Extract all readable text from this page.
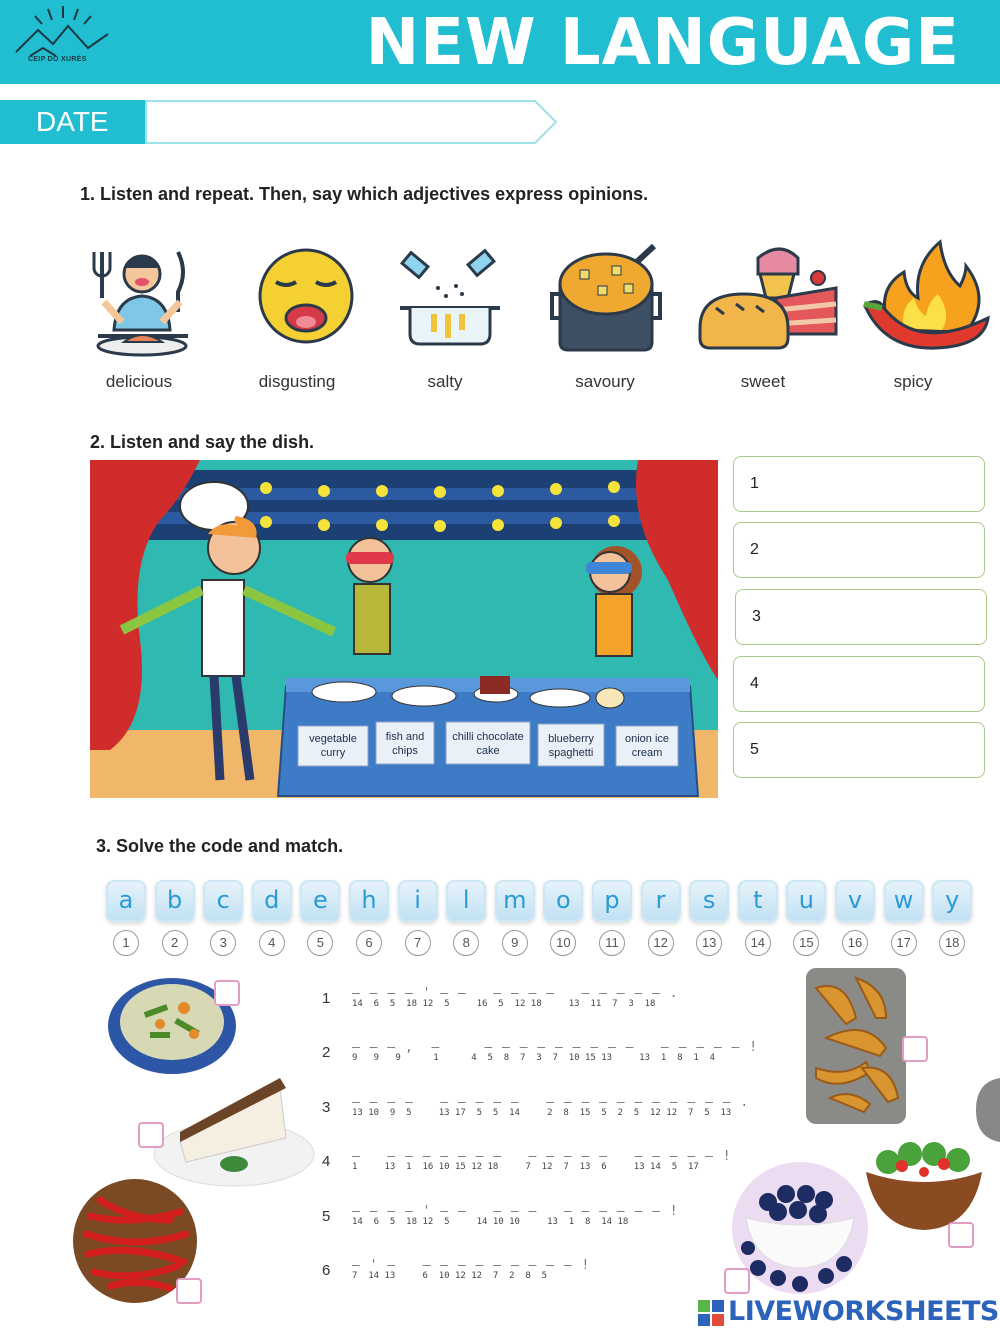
CEIP DO XURÉS	NEW LANGUAGE
DATE
1. Listen and repeat. Then, say which adjectives express opinions.
delicious	disgusting	salty	savoury	sweet	spicy
2. Listen and say the dish.
vegetable
curry
fish and
chips
chilli chocolate
cake
blueberry
spaghetti
onion ice
cream
1
2
3
4
5
3. Solve the code and match.
a
1
b
2
c
3
d
4
e
5
h
6
i
7
l
8
m
9
o
10
p
11
r
12
s
13
t
14
u
15
v
16
w
17
y
18
1 — — — — ' — —   — — — —   — — — — — .
14  6  5  18 12  5     16  5  12 18     13  11  7  3  18
2 — — — ,  —     — — — — — — — — —   — — — — — !
9   9   9      1      4  5  8  7  3  7  10 15 13     13  1  8  1  4
3 — — — —   — — — — —   — — — — — — — — — — — .
13 10  9  5     13 17  5  5  14     2  8  15  5  2  5  12 12  7  5  13
4 —   — — — — — — —   — — — — —   — — — — — !
1     13  1  16 10 15 12 18     7  12  7  13  6     13 14  5  17
5 — — — — ' — —   — — —   — — — — — — !
14  6  5  18 12  5     14 10 10     13  1  8  14 18
6 — ' —   — — — — — — — — — !
7  14 13     6  10 12 12  7  2  8  5
LIVEWORKSHEETS
